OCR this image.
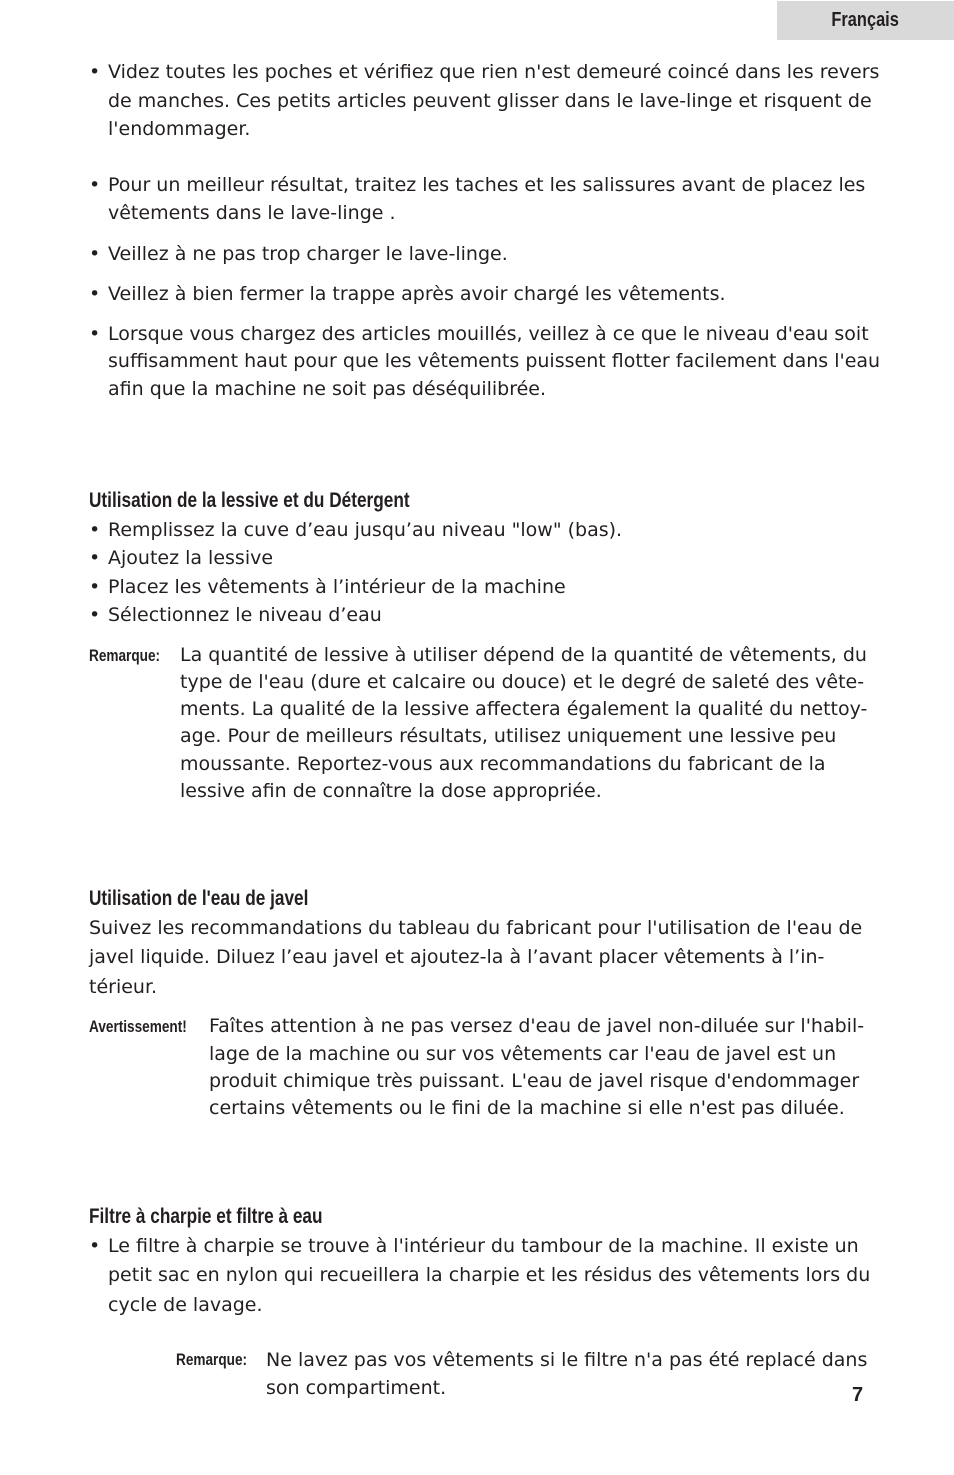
Français

• Videz toutes les poches et vérifiez que rien n'est demeuré coincé dans les revers de manches. Ces petits articles peuvent glisser dans le lave-linge et risquent de l'endommager.

• Pour un meilleur résultat, traitez les taches et les salissures avant de placez les vêtements dans le lave-linge .

• Veillez à ne pas trop charger le lave-linge.

• Veillez à bien fermer la trappe après avoir chargé les vêtements.

• Lorsque vous chargez des articles mouillés, veillez à ce que le niveau d'eau soit suffisamment haut pour que les vêtements puissent flotter facilement dans l'eau afin que la machine ne soit pas déséquilibrée.

Utilisation de la lessive et du Détergent

• Remplissez la cuve d’eau jusqu’au niveau "low" (bas).

• Ajoutez la lessive

• Placez les vêtements à l’intérieur de la machine

• Sélectionnez le niveau d’eau

Remarque:	La quantité de lessive à utiliser dépend de la quantité de vêtements, du type de l'eau (dure et calcaire ou douce) et le degré de saleté des vête-ments. La qualité de la lessive affectera également la qualité du nettoy-age. Pour de meilleurs résultats, utilisez uniquement une lessive peu moussante. Reportez-vous aux recommandations du fabricant de la lessive afin de connaître la dose appropriée.
Utilisation de l'eau de javel

Suivez les recommandations du tableau du fabricant pour l'utilisation de l'eau de javel liquide. Diluez l’eau javel et ajoutez-la à l’avant placer vêtements à l’in-térieur.

Avertissement!	Faîtes attention à ne pas versez d'eau de javel non-diluée sur l'habil-lage de la machine ou sur vos vêtements car l'eau de javel est un produit chimique très puissant. L'eau de javel risque d'endommager certains vêtements ou le fini de la machine si elle n'est pas diluée.
Filtre à charpie et filtre à eau

• Le filtre à charpie se trouve à l'intérieur du tambour de la machine. Il existe un petit sac en nylon qui recueillera la charpie et les résidus des vêtements lors du cycle de lavage.

Remarque: Ne lavez pas vos vêtements si le filtre n'a pas été replacé dans son compartiment.	7
